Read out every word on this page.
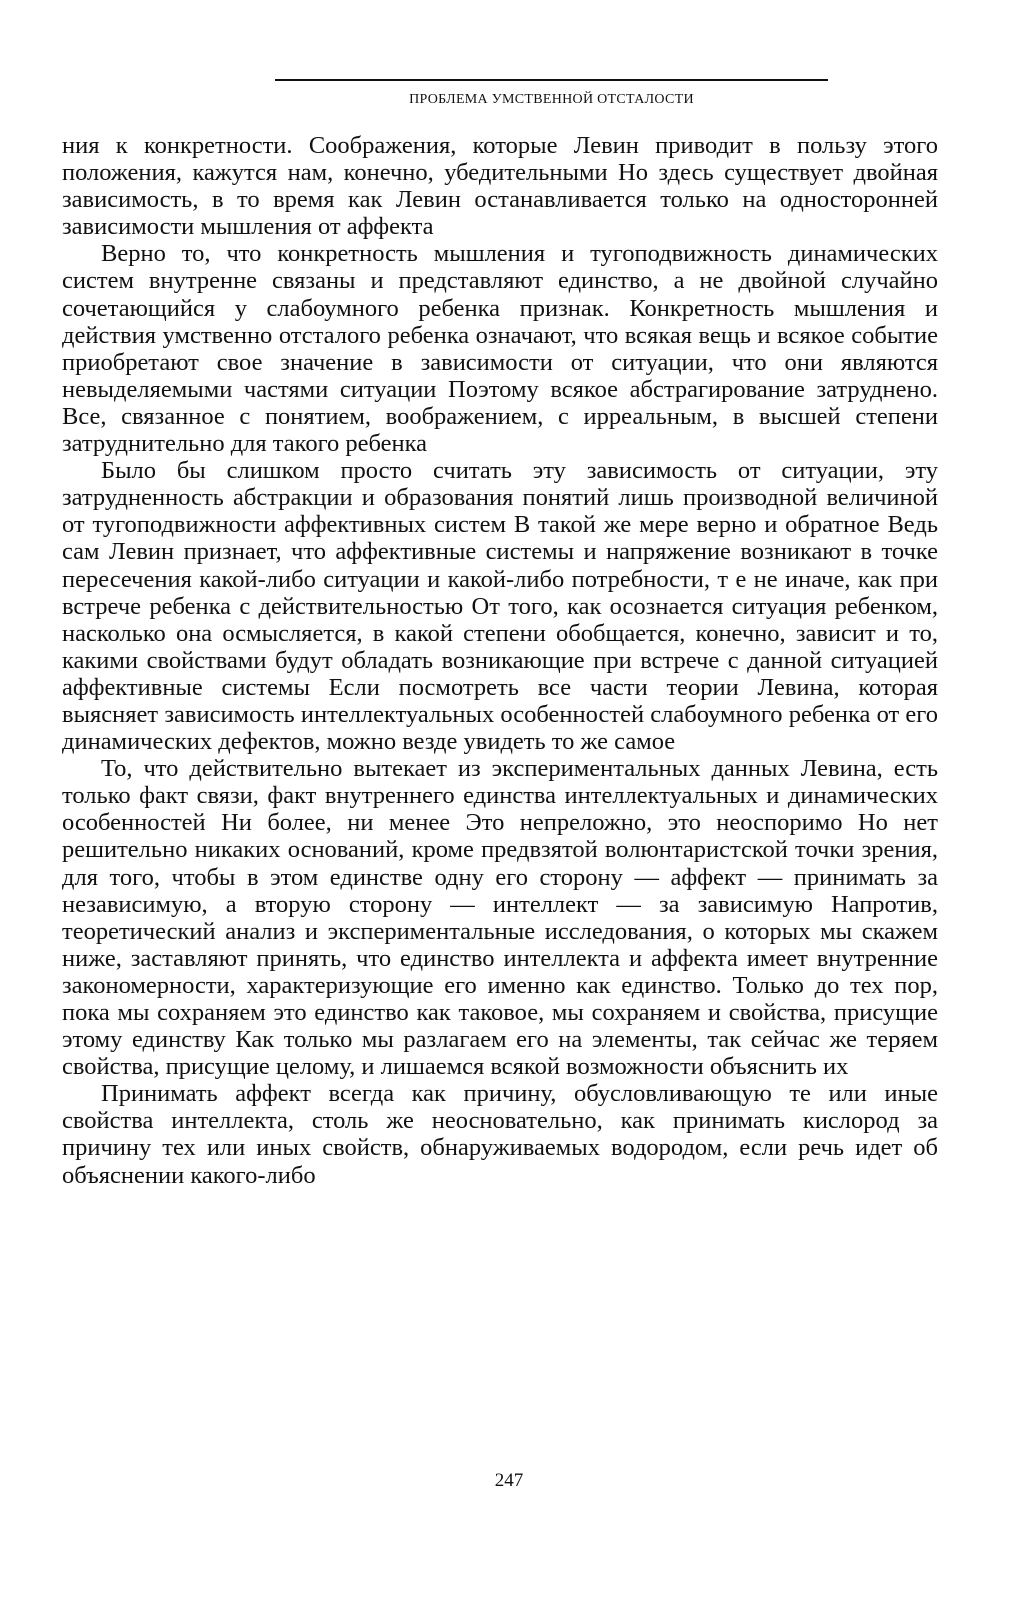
ПРОБЛЕМА УМСТВЕННОЙ ОТСТАЛОСТИ

ния к конкретности. Соображения, которые Левин приводит в пользу этого положения, кажутся нам, конечно, убедительными Но здесь существует двойная зависимость, в то время как Левин останавливается только на односторонней зависимости мышления от аффекта

Верно то, что конкретность мышления и тугоподвижность динамических систем внутренне связаны и представляют единство, а не двойной случайно сочетающийся у слабоумного ребенка признак. Конкретность мышления и действия умственно отсталого ребенка означают, что всякая вещь и всякое событие приобретают свое значение в зависимости от ситуации, что они являются невыделяемыми частями ситуации Поэтому всякое абстрагирование затруднено. Все, связанное с понятием, воображением, с ирреальным, в высшей степени затруднительно для такого ребенка

Было бы слишком просто считать эту зависимость от ситуации, эту затрудненность абстракции и образования понятий лишь производной величиной от тугоподвижности аффективных систем В такой же мере верно и обратное Ведь сам Левин признает, что аффективные системы и напряжение возникают в точке пересечения какой-либо ситуации и какой-либо потребности, т е не иначе, как при встрече ребенка с действительностью От того, как осознается ситуация ребенком, насколько она осмысляется, в какой степени обобщается, конечно, зависит и то, какими свойствами будут обладать возникающие при встрече с данной ситуацией аффективные системы Если посмотреть все части теории Левина, которая выясняет зависимость интеллектуальных особенностей слабоумного ребенка от его динамических дефектов, можно везде увидеть то же самое

То, что действительно вытекает из экспериментальных данных Левина, есть только факт связи, факт внутреннего единства интеллектуальных и динамических особенностей Ни более, ни менее Это непреложно, это неоспоримо Но нет решительно никаких оснований, кроме предвзятой волюнтаристской точки зрения, для того, чтобы в этом единстве одну его сторону — аффект — принимать за независимую, а вторую сторону — интеллект — за зависимую Напротив, теоретический анализ и экспериментальные исследования, о которых мы скажем ниже, заставляют принять, что единство интеллекта и аффекта имеет внутренние закономерности, характеризующие его именно как единство. Только до тех пор, пока мы сохраняем это единство как таковое, мы сохраняем и свойства, присущие этому единству Как только мы разлагаем его на элементы, так сейчас же теряем свойства, присущие целому, и лишаемся всякой возможности объяснить их

Принимать аффект всегда как причину, обусловливающую те или иные свойства интеллекта, столь же неосновательно, как принимать кислород за причину тех или иных свойств, обнаруживаемых водородом, если речь идет об объяснении какого-либо

247
